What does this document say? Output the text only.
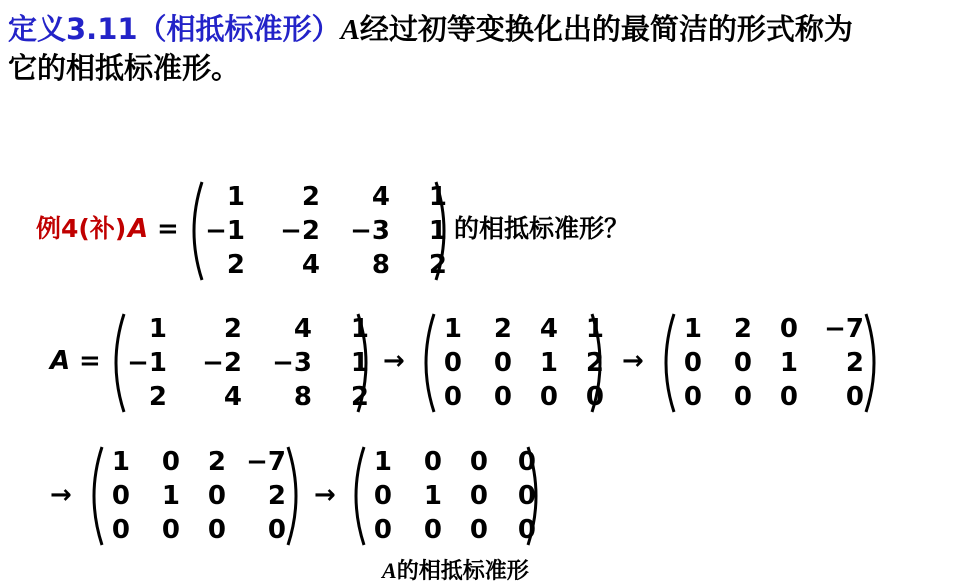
定义3.11（相抵标准形）A经过初等变换化出的最简洁的形式称为
它的相抵标准形。
例4(补) A =
1	2	4	1
−1 −2 −3	1
2	4	8	2
的相抵标准形？
A =
1	2	4	1
−1 −2 −3	1
2	4	8	2
→
1	2	4	1
0	0	1	2
0	0	0	0
→
1	2	0 −7
0	0	1	2
0	0	0	0
→
1	0	2 −7
0	1	0	2
0	0	0	0
→
1	0	0	0
0	1	0	0
0	0	0	0
A的相抵标准形
